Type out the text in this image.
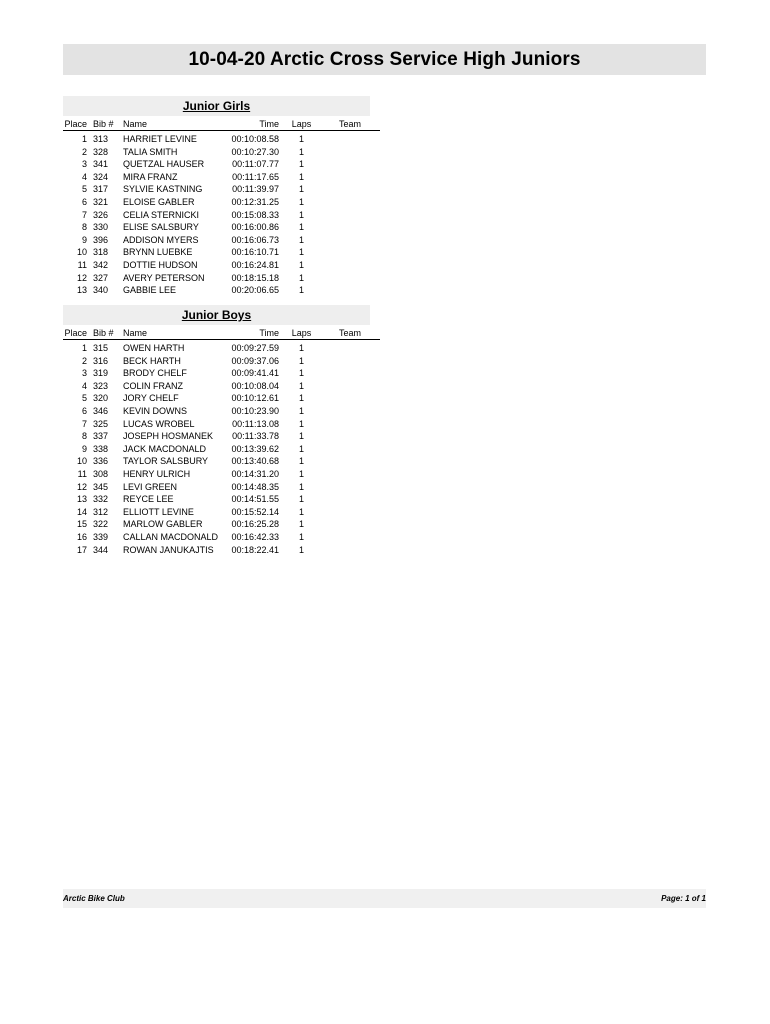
10-04-20 Arctic Cross Service High Juniors
Junior Girls
Place	Bib #	Name	Time	Laps	Team

1	313	HARRIET LEVINE	00:10:08.58	1	
2	328	TALIA SMITH	00:10:27.30	1	
3	341	QUETZAL HAUSER	00:11:07.77	1	
4	324	MIRA FRANZ	00:11:17.65	1	
5	317	SYLVIE KASTNING	00:11:39.97	1	
6	321	ELOISE GABLER	00:12:31.25	1	
7	326	CELIA STERNICKI	00:15:08.33	1	
8	330	ELISE SALSBURY	00:16:00.86	1	
9	396	ADDISON MYERS	00:16:06.73	1	
10	318	BRYNN LUEBKE	00:16:10.71	1	
11	342	DOTTIE HUDSON	00:16:24.81	1	
12	327	AVERY PETERSON	00:18:15.18	1	
13	340	GABBIE LEE	00:20:06.65	1	
Junior Boys
Place	Bib #	Name	Time	Laps	Team

1	315	OWEN HARTH	00:09:27.59	1	
2	316	BECK HARTH	00:09:37.06	1	
3	319	BRODY CHELF	00:09:41.41	1	
4	323	COLIN FRANZ	00:10:08.04	1	
5	320	JORY CHELF	00:10:12.61	1	
6	346	KEVIN DOWNS	00:10:23.90	1	
7	325	LUCAS WROBEL	00:11:13.08	1	
8	337	JOSEPH HOSMANEK	00:11:33.78	1	
9	338	JACK MACDONALD	00:13:39.62	1	
10	336	TAYLOR SALSBURY	00:13:40.68	1	
11	308	HENRY ULRICH	00:14:31.20	1	
12	345	LEVI GREEN	00:14:48.35	1	
13	332	REYCE LEE	00:14:51.55	1	
14	312	ELLIOTT LEVINE	00:15:52.14	1	
15	322	MARLOW GABLER	00:16:25.28	1	
16	339	CALLAN MACDONALD	00:16:42.33	1	
17	344	ROWAN JANUKAJTIS	00:18:22.41	1	
Arctic Bike Club	Page: 1 of 1
